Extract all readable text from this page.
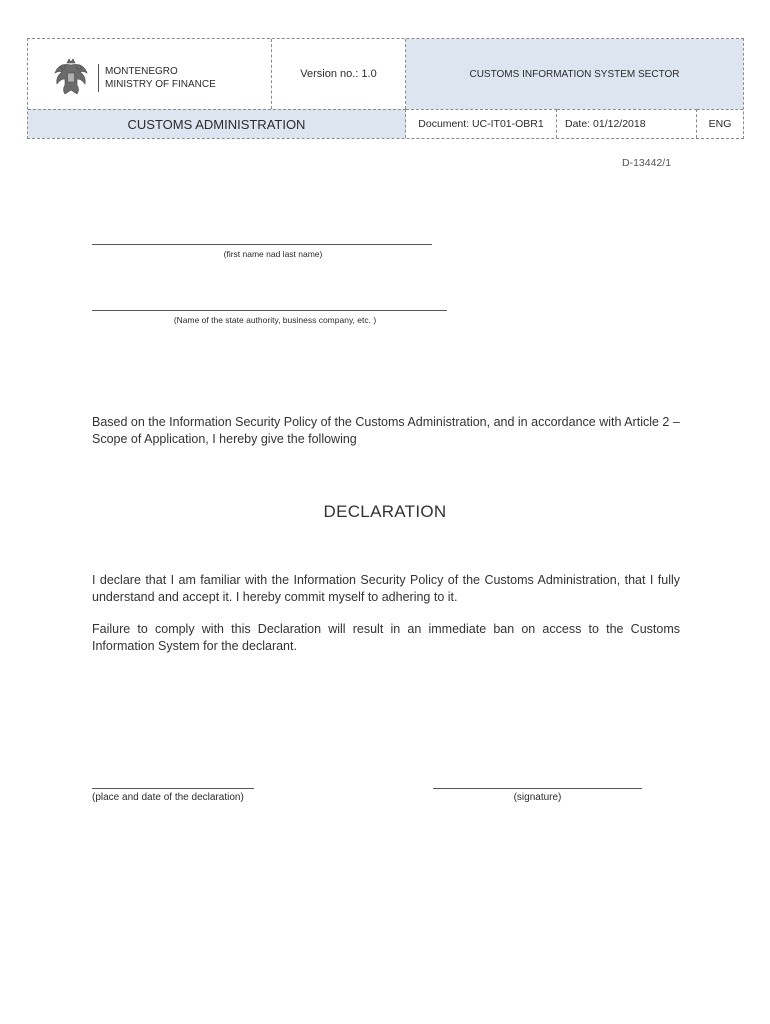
MONTENEGRO
MINISTRY OF FINANCE
Version no.: 1.0	CUSTOMS INFORMATION SYSTEM SECTOR
CUSTOMS ADMINISTRATION	Document: UC-IT01-OBR1	Date: 01/12/2018	ENG
D-13442/1
(first name nad last name)
(Name of the state authority, business company, etc. )
Based on the Information Security Policy of the Customs Administration, and in accordance with Article 2 – Scope of Application, I hereby give the following
DECLARATION
I declare that I am familiar with the Information Security Policy of the Customs Administration, that I fully understand and accept it. I hereby commit myself to adhering to it.
Failure to comply with this Declaration will result in an immediate ban on access to the Customs Information System for the declarant.
(place and date of the declaration)	(signature)
